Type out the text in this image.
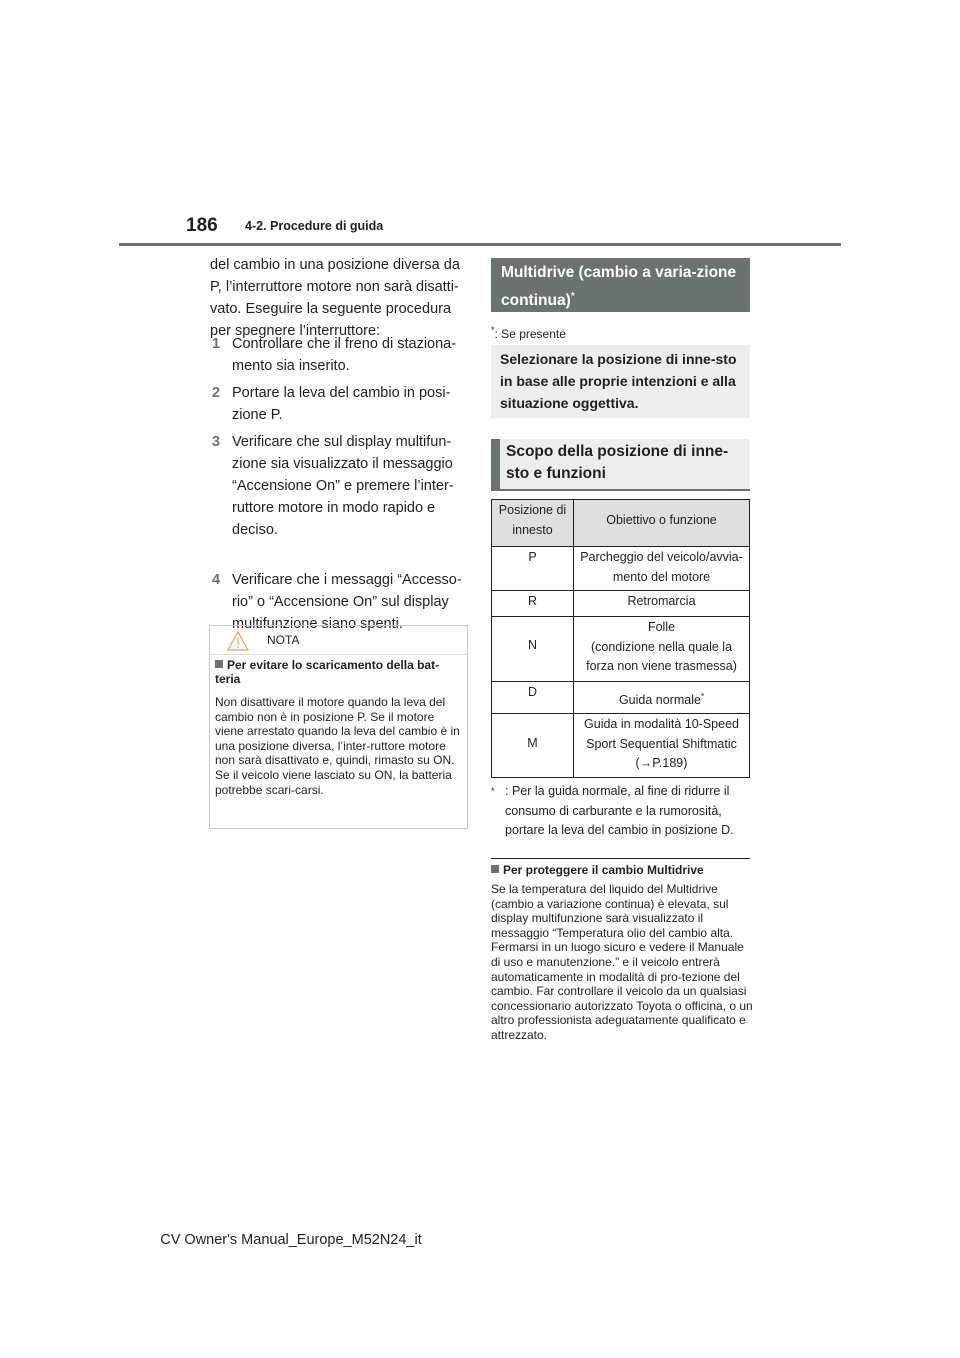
186 4-2. Procedure di guida
del cambio in una posizione diversa da P, l’interruttore motore non sarà disatti-vato. Eseguire la seguente procedura per spegnere l’interruttore:
1 Controllare che il freno di staziona-mento sia inserito.
2 Portare la leva del cambio in posi-zione P.
3 Verificare che sul display multifun-zione sia visualizzato il messaggio “Accensione On” e premere l’inter-ruttore motore in modo rapido e deciso.
4 Verificare che i messaggi “Accesso-rio” o “Accensione On” sul display multifunzione siano spenti.
NOTA
Per evitare lo scaricamento della bat-teria
Non disattivare il motore quando la leva del cambio non è in posizione P. Se il motore viene arrestato quando la leva del cambio è in una posizione diversa, l’inter-ruttore motore non sarà disattivato e, quindi, rimasto su ON. Se il veicolo viene lasciato su ON, la batteria potrebbe scari-carsi.
Multidrive (cambio a varia-zione continua)*
*: Se presente
Selezionare la posizione di inne-sto in base alle proprie intenzioni e alla situazione oggettiva.
Scopo della posizione di inne-sto e funzioni
Posizione di
innesto
Obiettivo o funzione
P	Parcheggio del veicolo/avvia-
mento del motore
R	Retromarcia
N
Folle
(condizione nella quale la
forza non viene trasmessa)
D
Guida normale*
M
Guida in modalità 10-Speed
Sport Sequential Shiftmatic
(→P.189)
* : Per la guida normale, al fine di ridurre il
consumo di carburante e la rumorosità,
portare la leva del cambio in posizione D.
Per proteggere il cambio Multidrive
Se la temperatura del liquido del Multidrive (cambio a variazione continua) è elevata, sul display multifunzione sarà visualizzato il messaggio “Temperatura olio del cambio alta. Fermarsi in un luogo sicuro e vedere il Manuale di uso e manutenzione.” e il veicolo entrerà automaticamente in modalità di pro-tezione del cambio. Far controllare il veicolo da un qualsiasi concessionario autorizzato Toyota o officina, o un altro professionista adeguatamente qualificato e attrezzato.
CV Owner's Manual_Europe_M52N24_it
